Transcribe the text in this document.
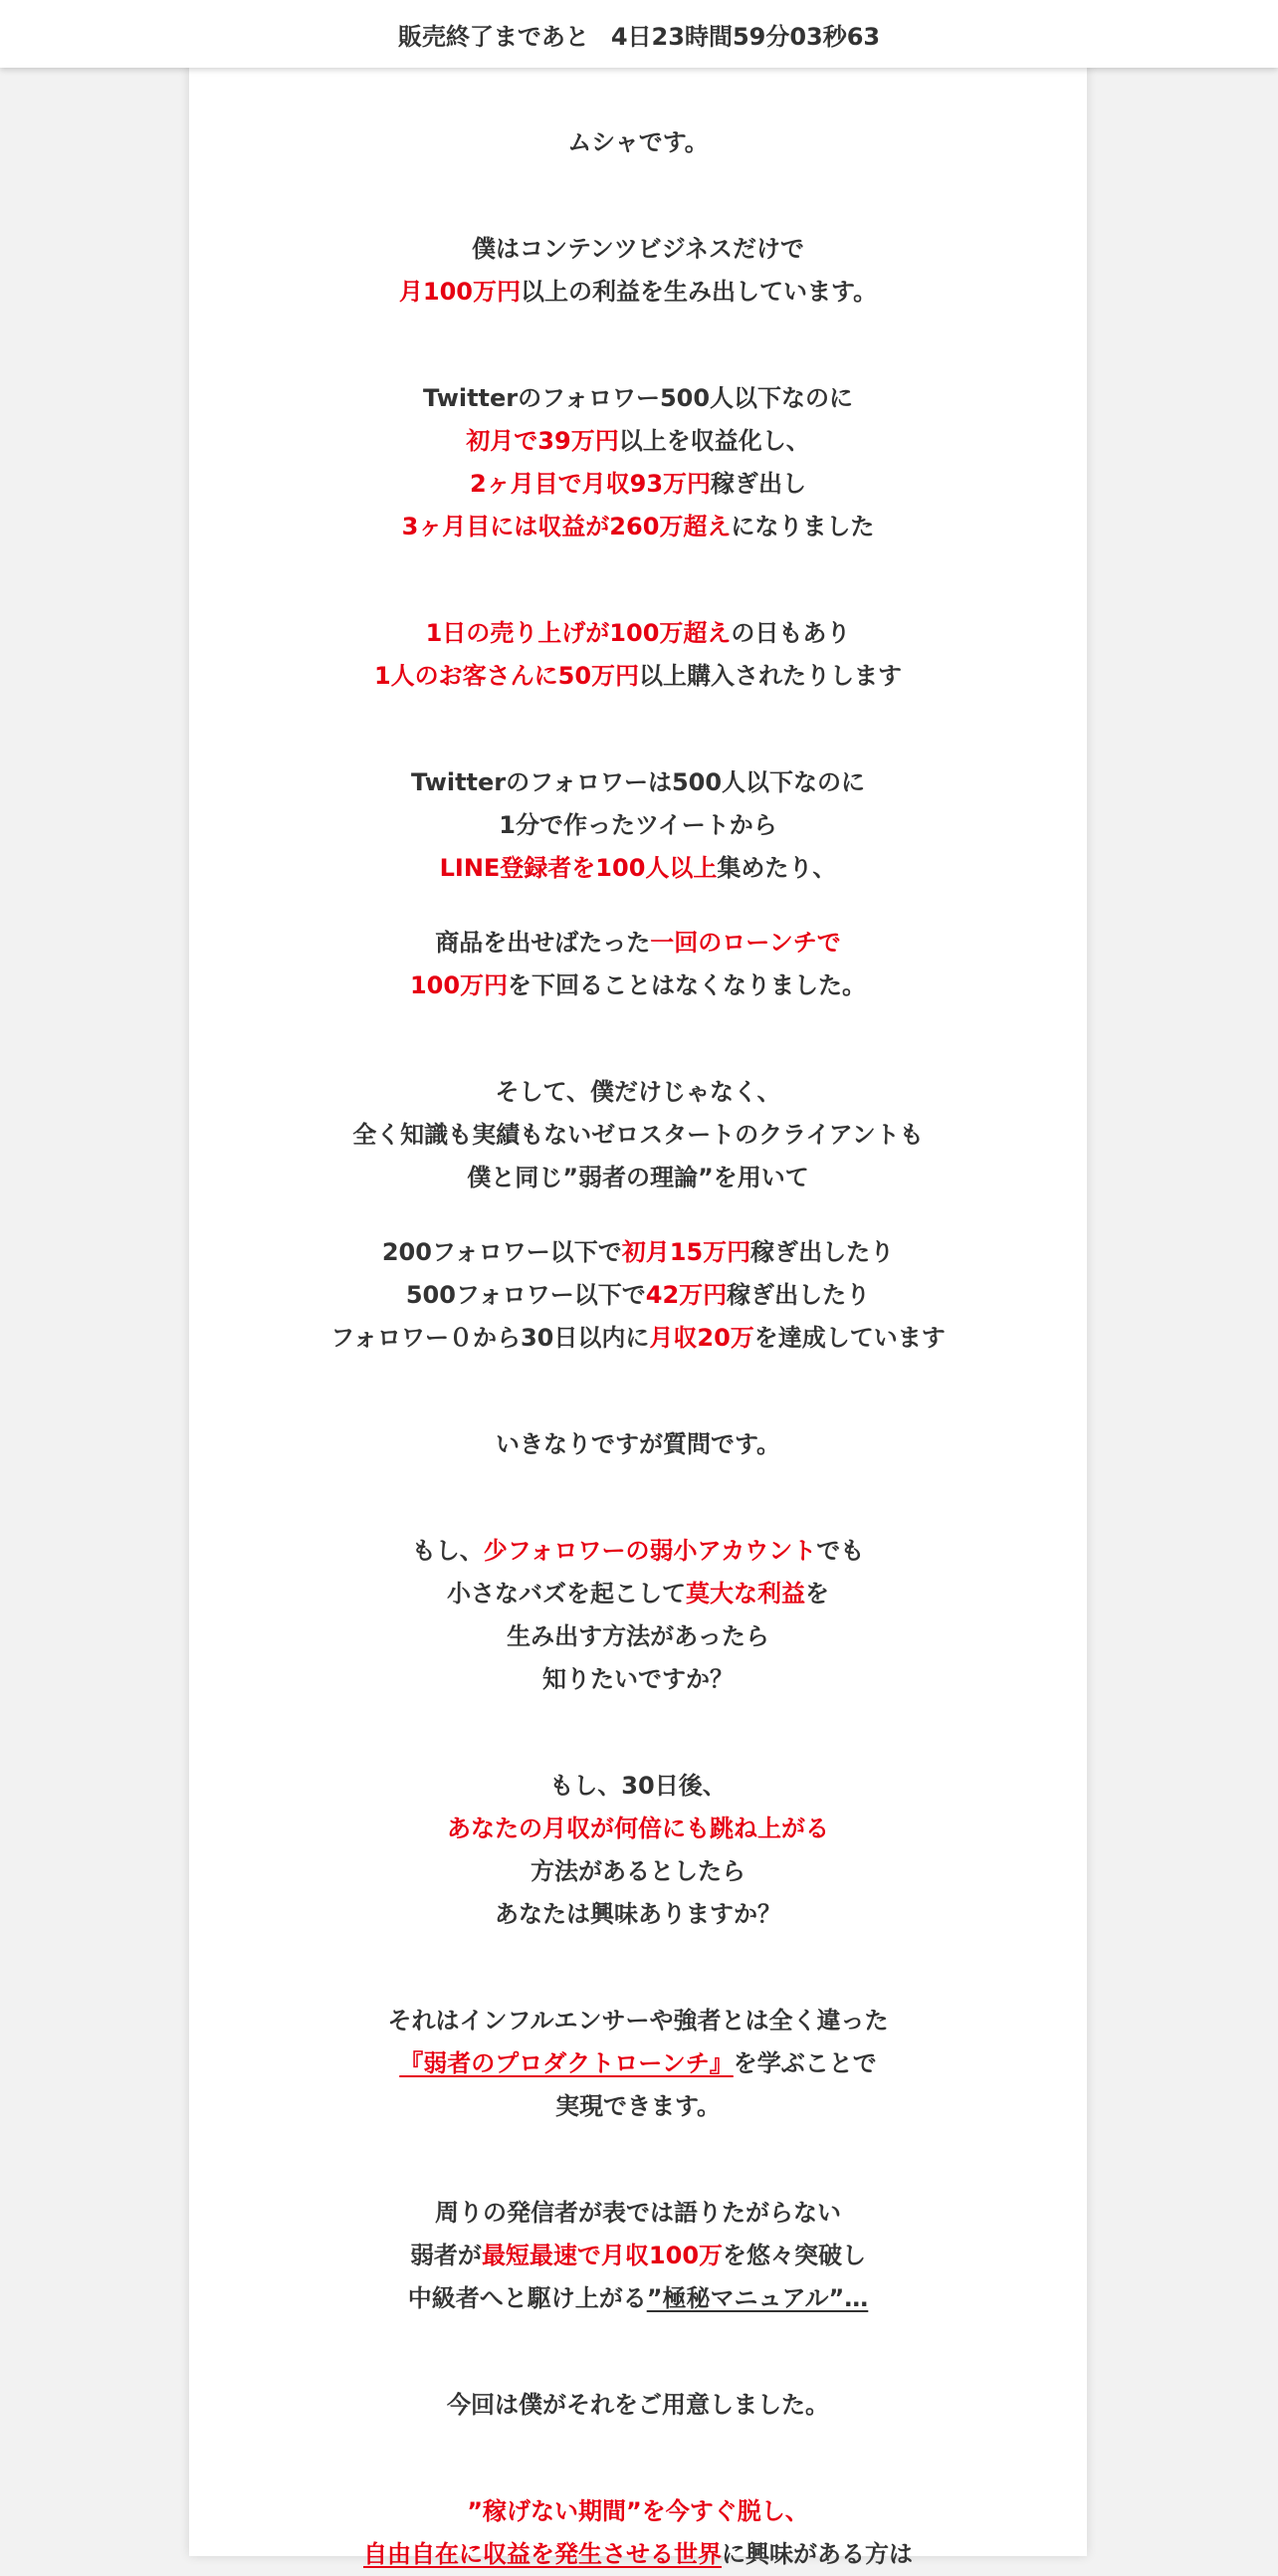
販売終了まであと 4日23時間59分03秒63

ムシャです。

僕はコンテンツビジネスだけで

月100万円以上の利益を生み出しています。

Twitterのフォロワー500人以下なのに

初月で39万円以上を収益化し、

2ヶ月目で月収93万円稼ぎ出し

3ヶ月目には収益が260万超えになりました

1日の売り上げが100万超えの日もあり

1人のお客さんに50万円以上購入されたりします

Twitterのフォロワーは500人以下なのに

1分で作ったツイートから

LINE登録者を100人以上集めたり、

商品を出せばたった一回のローンチで

100万円を下回ることはなくなりました。

そして、僕だけじゃなく、

全く知識も実績もないゼロスタートのクライアントも

僕と同じ”弱者の理論”を用いて

200フォロワー以下で初月15万円稼ぎ出したり

500フォロワー以下で42万円稼ぎ出したり

フォロワー０から30日以内に月収20万を達成しています

いきなりですが質問です。

もし、少フォロワーの弱小アカウントでも

小さなバズを起こして莫大な利益を

生み出す方法があったら

知りたいですか？

もし、30日後、

あなたの月収が何倍にも跳ね上がる

方法があるとしたら

あなたは興味ありますか？

それはインフルエンサーや強者とは全く違った

『弱者のプロダクトローンチ』を学ぶことで

実現できます。

周りの発信者が表では語りたがらない

弱者が最短最速で月収100万を悠々突破し

中級者へと駆け上がる”極秘マニュアル”…

今回は僕がそれをご用意しました。

”稼げない期間”を今すぐ脱し、

自由自在に収益を発生させる世界に興味がある方は
